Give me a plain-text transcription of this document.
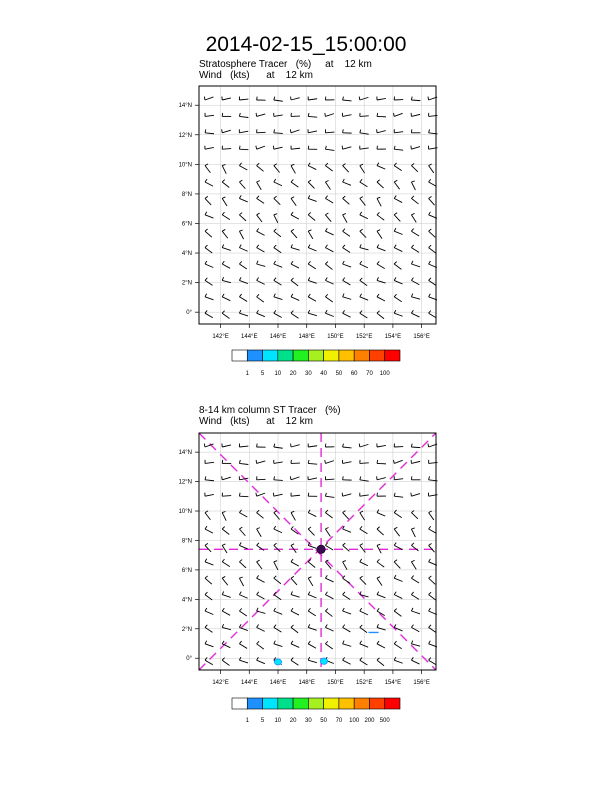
2014-02-15_15:00:00
Stratosphere Tracer   (%)     at    12 km
Wind   (kts)      at    12 km
8-14 km column ST Tracer   (%)
Wind   (kts)      at    12 km
142°E 144°E 146°E 148°E 150°E 152°E 154°E 156°E
0°
2°N
4°N
6°N
8°N
10°N
12°N
14°N
1 5 10 20 30 40 50 60 70 100
142°E 144°E 146°E 148°E 150°E 152°E 154°E 156°E
0°
2°N
4°N
6°N
8°N
10°N
12°N
14°N
1 5 10 20 30 50 70 100 200 500
